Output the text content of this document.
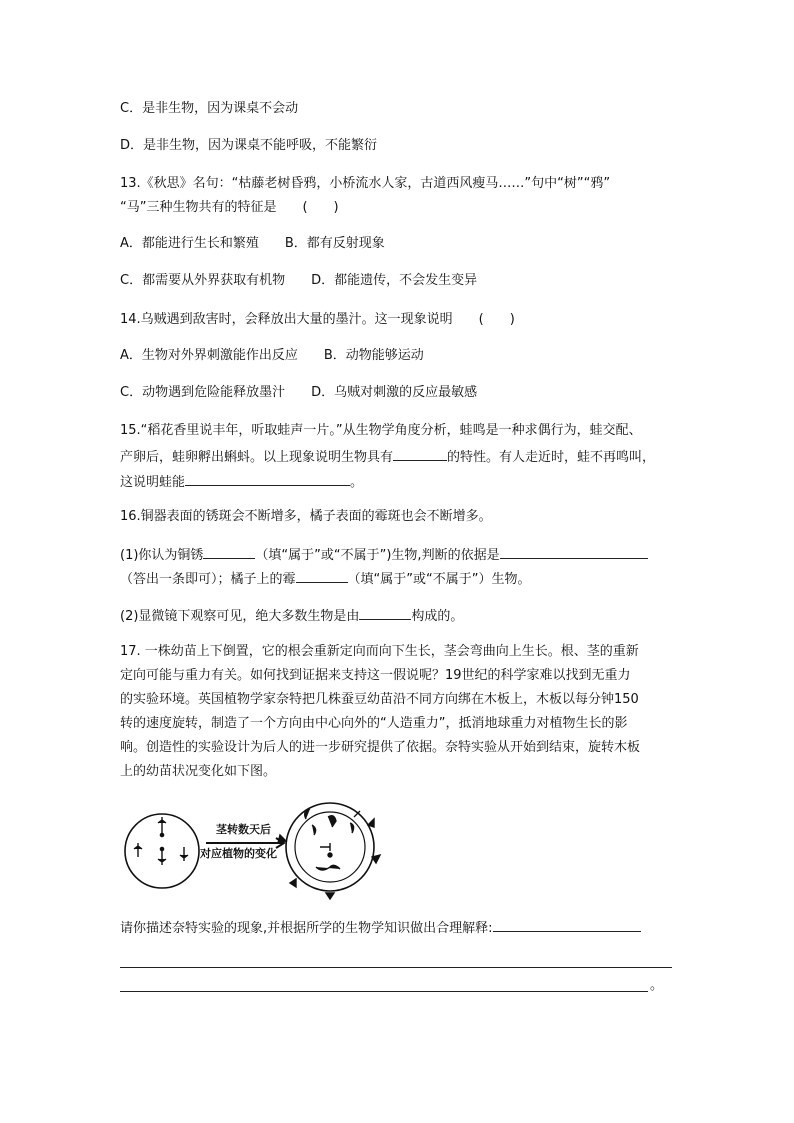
C．是非生物，因为课桌不会动
D．是非生物，因为课桌不能呼吸，不能繁衍
13.《秋思》名句：“枯藤老树昏鸦，小桥流水人家，古道西风瘦马……”句中“树”“鸦”
“马”三种生物共有的特征是　　(　　)
A．都能进行生长和繁殖　　B．都有反射现象
C．都需要从外界获取有机物　　D．都能遗传，不会发生变异
14.乌贼遇到敌害时，会释放出大量的墨汁。这一现象说明　　(　　)
A．生物对外界刺激能作出反应　　B．动物能够运动
C．动物遇到危险能释放墨汁　　D．乌贼对刺激的反应最敏感
15.“稻花香里说丰年，听取蛙声一片。”从生物学角度分析，蛙鸣是一种求偶行为，蛙交配、
产卵后，蛙卵孵出蝌蚪。以上现象说明生物具有	的特性。有人走近时，蛙不再鸣叫，
这说明蛙能	。
16.铜器表面的锈斑会不断增多，橘子表面的霉斑也会不断增多。
(1)你认为铜锈	（填“属于”或“不属于”)生物,判断的依据是
（答出一条即可）；橘子上的霉	（填“属于”或“不属于”）生物。
(2)显微镜下观察可见，绝大多数生物是由	构成的。
17. 一株幼苗上下倒置，它的根会重新定向而向下生长，茎会弯曲向上生长。根、茎的重新
定向可能与重力有关。如何找到证据来支持这一假说呢？19世纪的科学家难以找到无重力
的实验环境。英国植物学家奈特把几株蚕豆幼苗沿不同方向绑在木板上，木板以每分钟150
转的速度旋转，制造了一个方向由中心向外的“人造重力”，抵消地球重力对植物生长的影
响。创造性的实验设计为后人的进一步研究提供了依据。奈特实验从开始到结束，旋转木板
上的幼苗状况变化如下图。
茎转数天后
对应植物的变化
请你描述奈特实验的现象,并根据所学的生物学知识做出合理解释:
。
